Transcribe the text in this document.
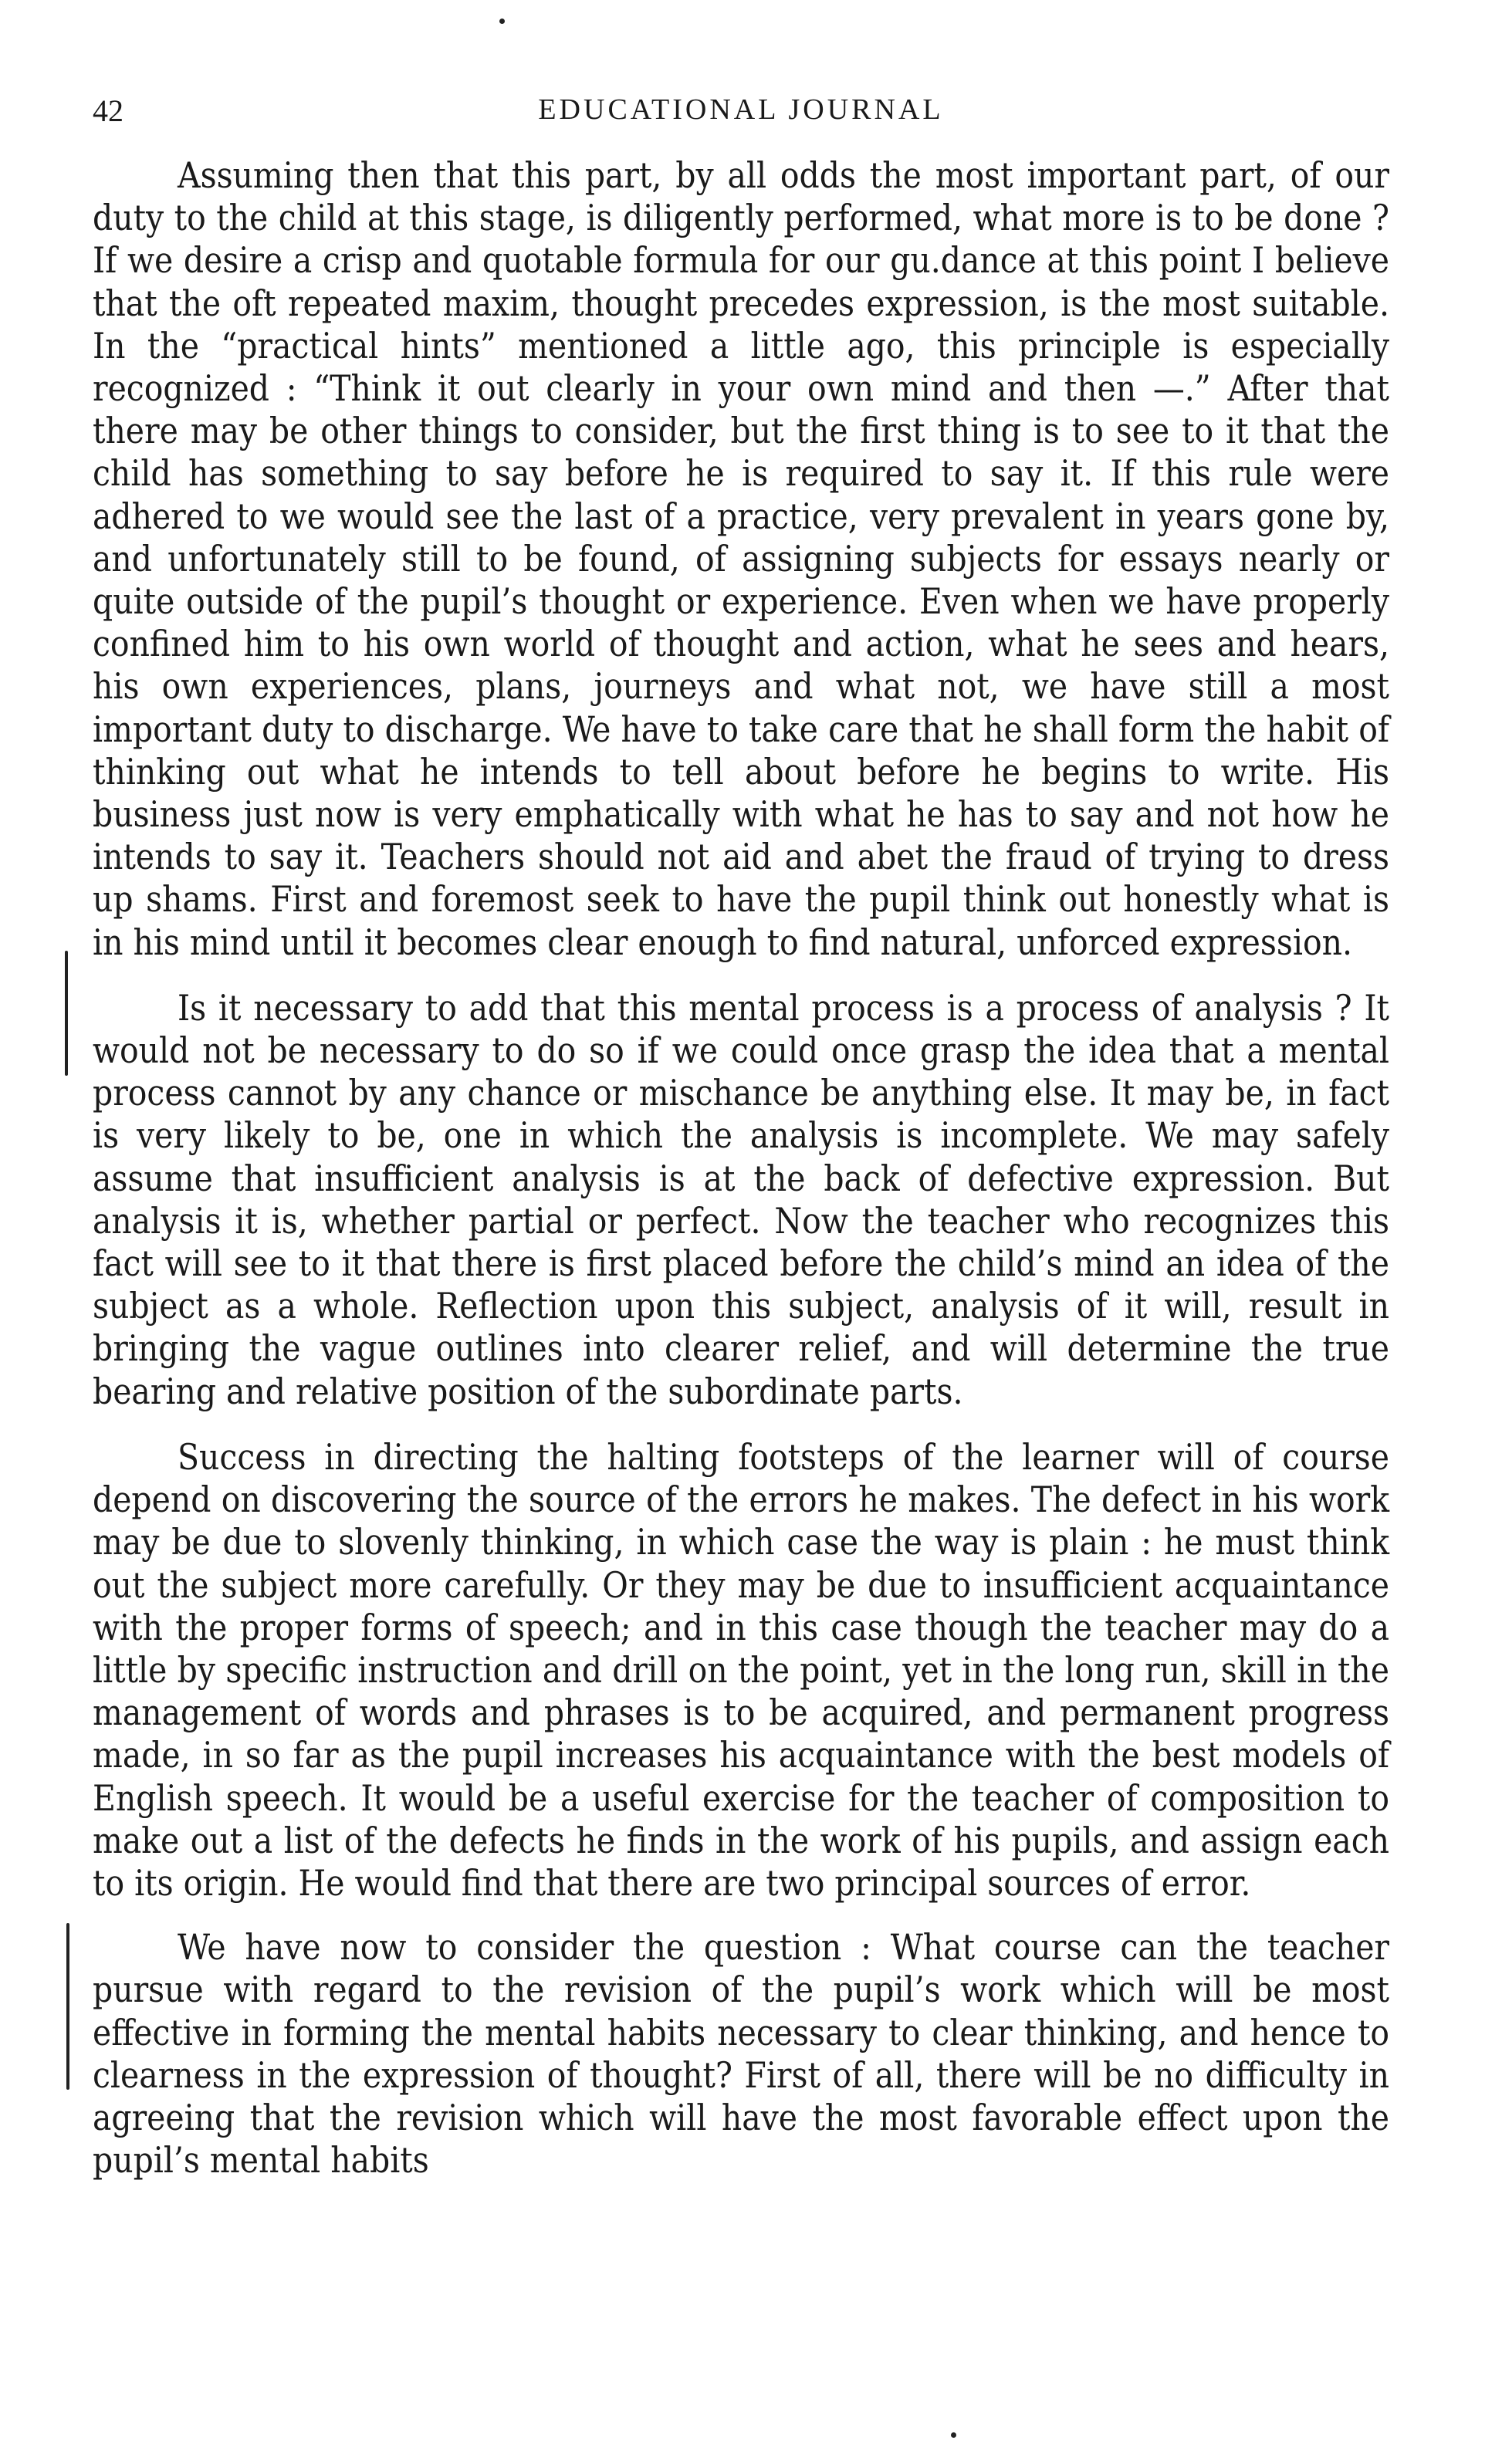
42	EDUCATIONAL JOURNAL

Assuming then that this part, by all odds the most important part, of our duty to the child at this stage, is diligently performed, what more is to be done ? If we desire a crisp and quotable formula for our gu.dance at this point I believe that the oft repeated maxim, thought precedes expression, is the most suitable. In the “practical hints” mentioned a little ago, this principle is especially recognized : “Think it out clearly in your own mind and then —.” After that there may be other things to consider, but the first thing is to see to it that the child has something to say before he is required to say it. If this rule were adhered to we would see the last of a practice, very prevalent in years gone by, and unfortunately still to be found, of assigning subjects for essays nearly or quite outside of the pupil’s thought or experience. Even when we have properly confined him to his own world of thought and action, what he sees and hears, his own experiences, plans, journeys and what not, we have still a most important duty to discharge. We have to take care that he shall form the habit of thinking out what he intends to tell about before he begins to write. His business just now is very emphatically with what he has to say and not how he intends to say it. Teachers should not aid and abet the fraud of trying to dress up shams. First and foremost seek to have the pupil think out honestly what is in his mind until it becomes clear enough to find natural, unforced expression.

Is it necessary to add that this mental process is a process of analysis ? It would not be necessary to do so if we could once grasp the idea that a mental process cannot by any chance or mischance be anything else. It may be, in fact is very likely to be, one in which the analysis is incomplete. We may safely assume that insufficient analysis is at the back of defective expression. But analysis it is, whether partial or perfect. Now the teacher who recognizes this fact will see to it that there is first placed before the child’s mind an idea of the subject as a whole. Reflection upon this subject, analysis of it will, result in bringing the vague outlines into clearer relief, and will determine the true bearing and relative position of the subordinate parts.

Success in directing the halting footsteps of the learner will of course depend on discovering the source of the errors he makes. The defect in his work may be due to slovenly thinking, in which case the way is plain : he must think out the subject more carefully. Or they may be due to insufficient acquaintance with the proper forms of speech; and in this case though the teacher may do a little by specific instruction and drill on the point, yet in the long run, skill in the management of words and phrases is to be acquired, and permanent progress made, in so far as the pupil increases his acquaintance with the best models of English speech. It would be a useful exercise for the teacher of composition to make out a list of the defects he finds in the work of his pupils, and assign each to its origin. He would find that there are two principal sources of error.

We have now to consider the question : What course can the teacher pursue with regard to the revision of the pupil’s work which will be most effective in forming the mental habits necessary to clear thinking, and hence to clearness in the expression of thought? First of all, there will be no difficulty in agreeing that the revision which will have the most favorable effect upon the pupil’s mental habits
